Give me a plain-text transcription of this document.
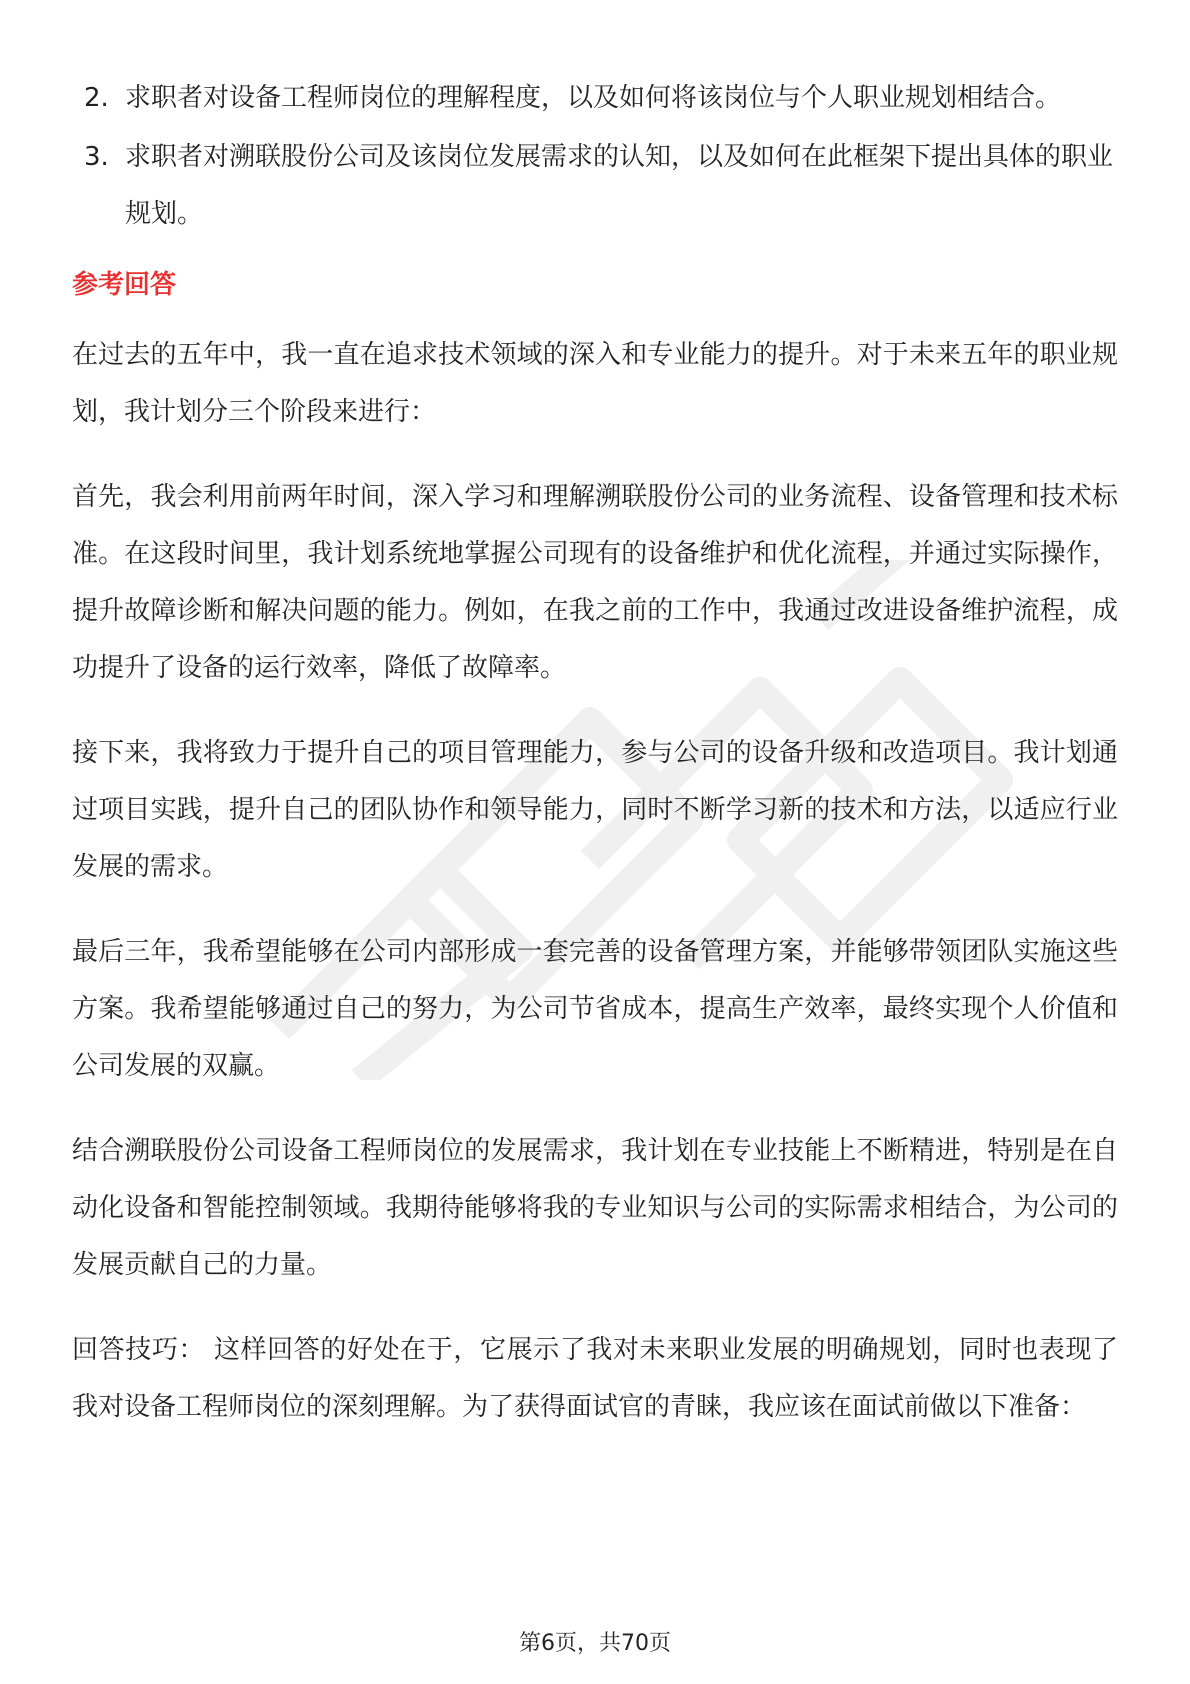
2. 求职者对设备工程师岗位的理解程度，以及如何将该岗位与个人职业规划相结合。
3. 求职者对溯联股份公司及该岗位发展需求的认知，以及如何在此框架下提出具体的职业规划。
参考回答

在过去的五年中，我一直在追求技术领域的深入和专业能力的提升。对于未来五年的职业规划，我计划分三个阶段来进行：

首先，我会利用前两年时间，深入学习和理解溯联股份公司的业务流程、设备管理和技术标准。在这段时间里，我计划系统地掌握公司现有的设备维护和优化流程，并通过实际操作，提升故障诊断和解决问题的能力。例如，在我之前的工作中，我通过改进设备维护流程，成功提升了设备的运行效率，降低了故障率。

接下来，我将致力于提升自己的项目管理能力，参与公司的设备升级和改造项目。我计划通过项目实践，提升自己的团队协作和领导能力，同时不断学习新的技术和方法，以适应行业发展的需求。

最后三年，我希望能够在公司内部形成一套完善的设备管理方案，并能够带领团队实施这些方案。我希望能够通过自己的努力，为公司节省成本，提高生产效率，最终实现个人价值和公司发展的双赢。

结合溯联股份公司设备工程师岗位的发展需求，我计划在专业技能上不断精进，特别是在自动化设备和智能控制领域。我期待能够将我的专业知识与公司的实际需求相结合，为公司的发展贡献自己的力量。

回答技巧： 这样回答的好处在于，它展示了我对未来职业发展的明确规划，同时也表现了我对设备工程师岗位的深刻理解。为了获得面试官的青睐，我应该在面试前做以下准备：

第6页，共70页
